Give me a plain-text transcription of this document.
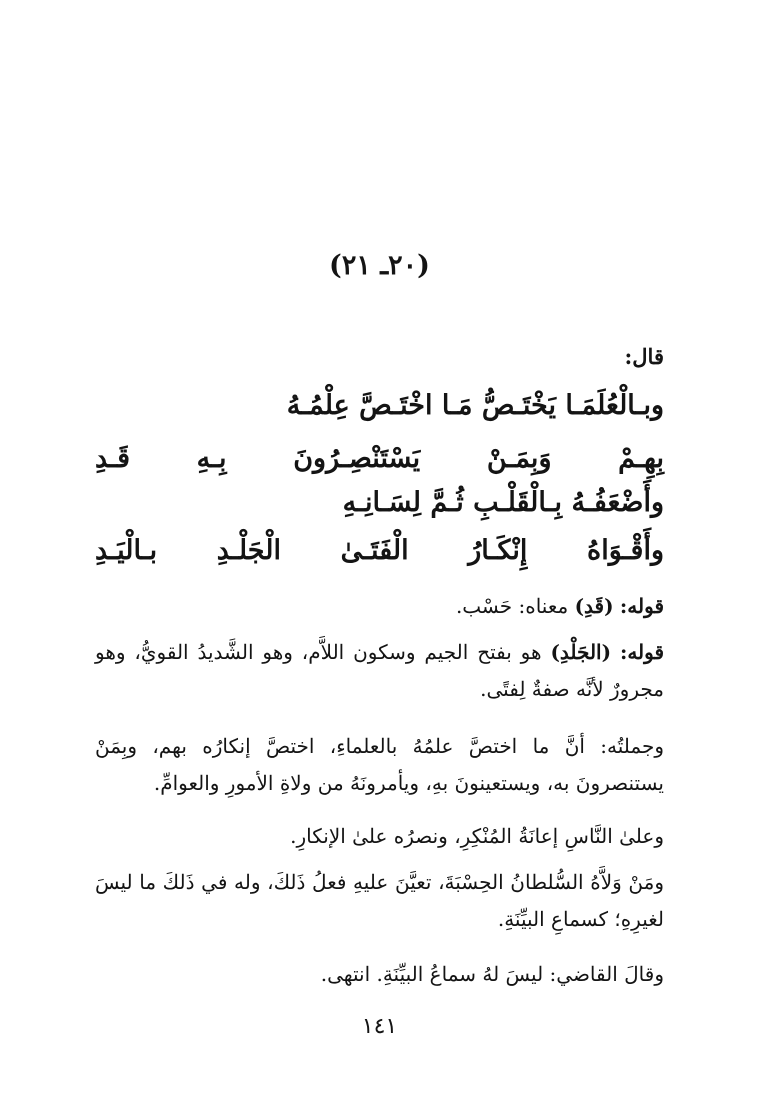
(٢٠ـ ٢١)
قال:
وبـالْعُلَمَـا يَخْتَـصُّ مَـا اخْتَـصَّ عِلْمُـهُ
بِهِـمْ وَبِمَـنْ يَسْتَنْصِـرُونَ بِـهِ قَـدِ
وأَضْعَفُـهُ بِـالْقَلْـبِ ثُـمَّ لِسَـانِـهِ
وأَقْـوَاهُ إِنْكَـارُ الْفَتَـىٰ الْجَلْـدِ بـالْيَـدِ
قوله: (قَدِ) معناه: حَسْب.
قوله: (الجَلْدِ) هو بفتح الجيم وسكون اللاَّم، وهو الشَّديدُ القويُّ، وهو مجرورٌ لأنَّه صفةٌ لِفتًى.
وجملتُه: أنَّ ما اختصَّ علمُهُ بالعلماءِ، اختصَّ إنكارُه بهم، وبِمَنْ يستنصرونَ به، ويستعينونَ بهِ، ويأمرونَهُ من ولاةِ الأمورِ والعوامِّ.
وعلىٰ النَّاسِ إعانَةُ المُنْكِرِ، ونصرُه علىٰ الإنكارِ.
ومَنْ وَلاَّهُ السُّلطانُ الحِسْبَةَ، تعيَّنَ عليهِ فعلُ ذَلكَ، وله في ذَلكَ ما ليسَ لغيرِهِ؛ كسماعِ البيِّنَةِ.
وقالَ القاضي: ليسَ لهُ سماعُ البيِّنَةِ. انتهى.
١٤١
